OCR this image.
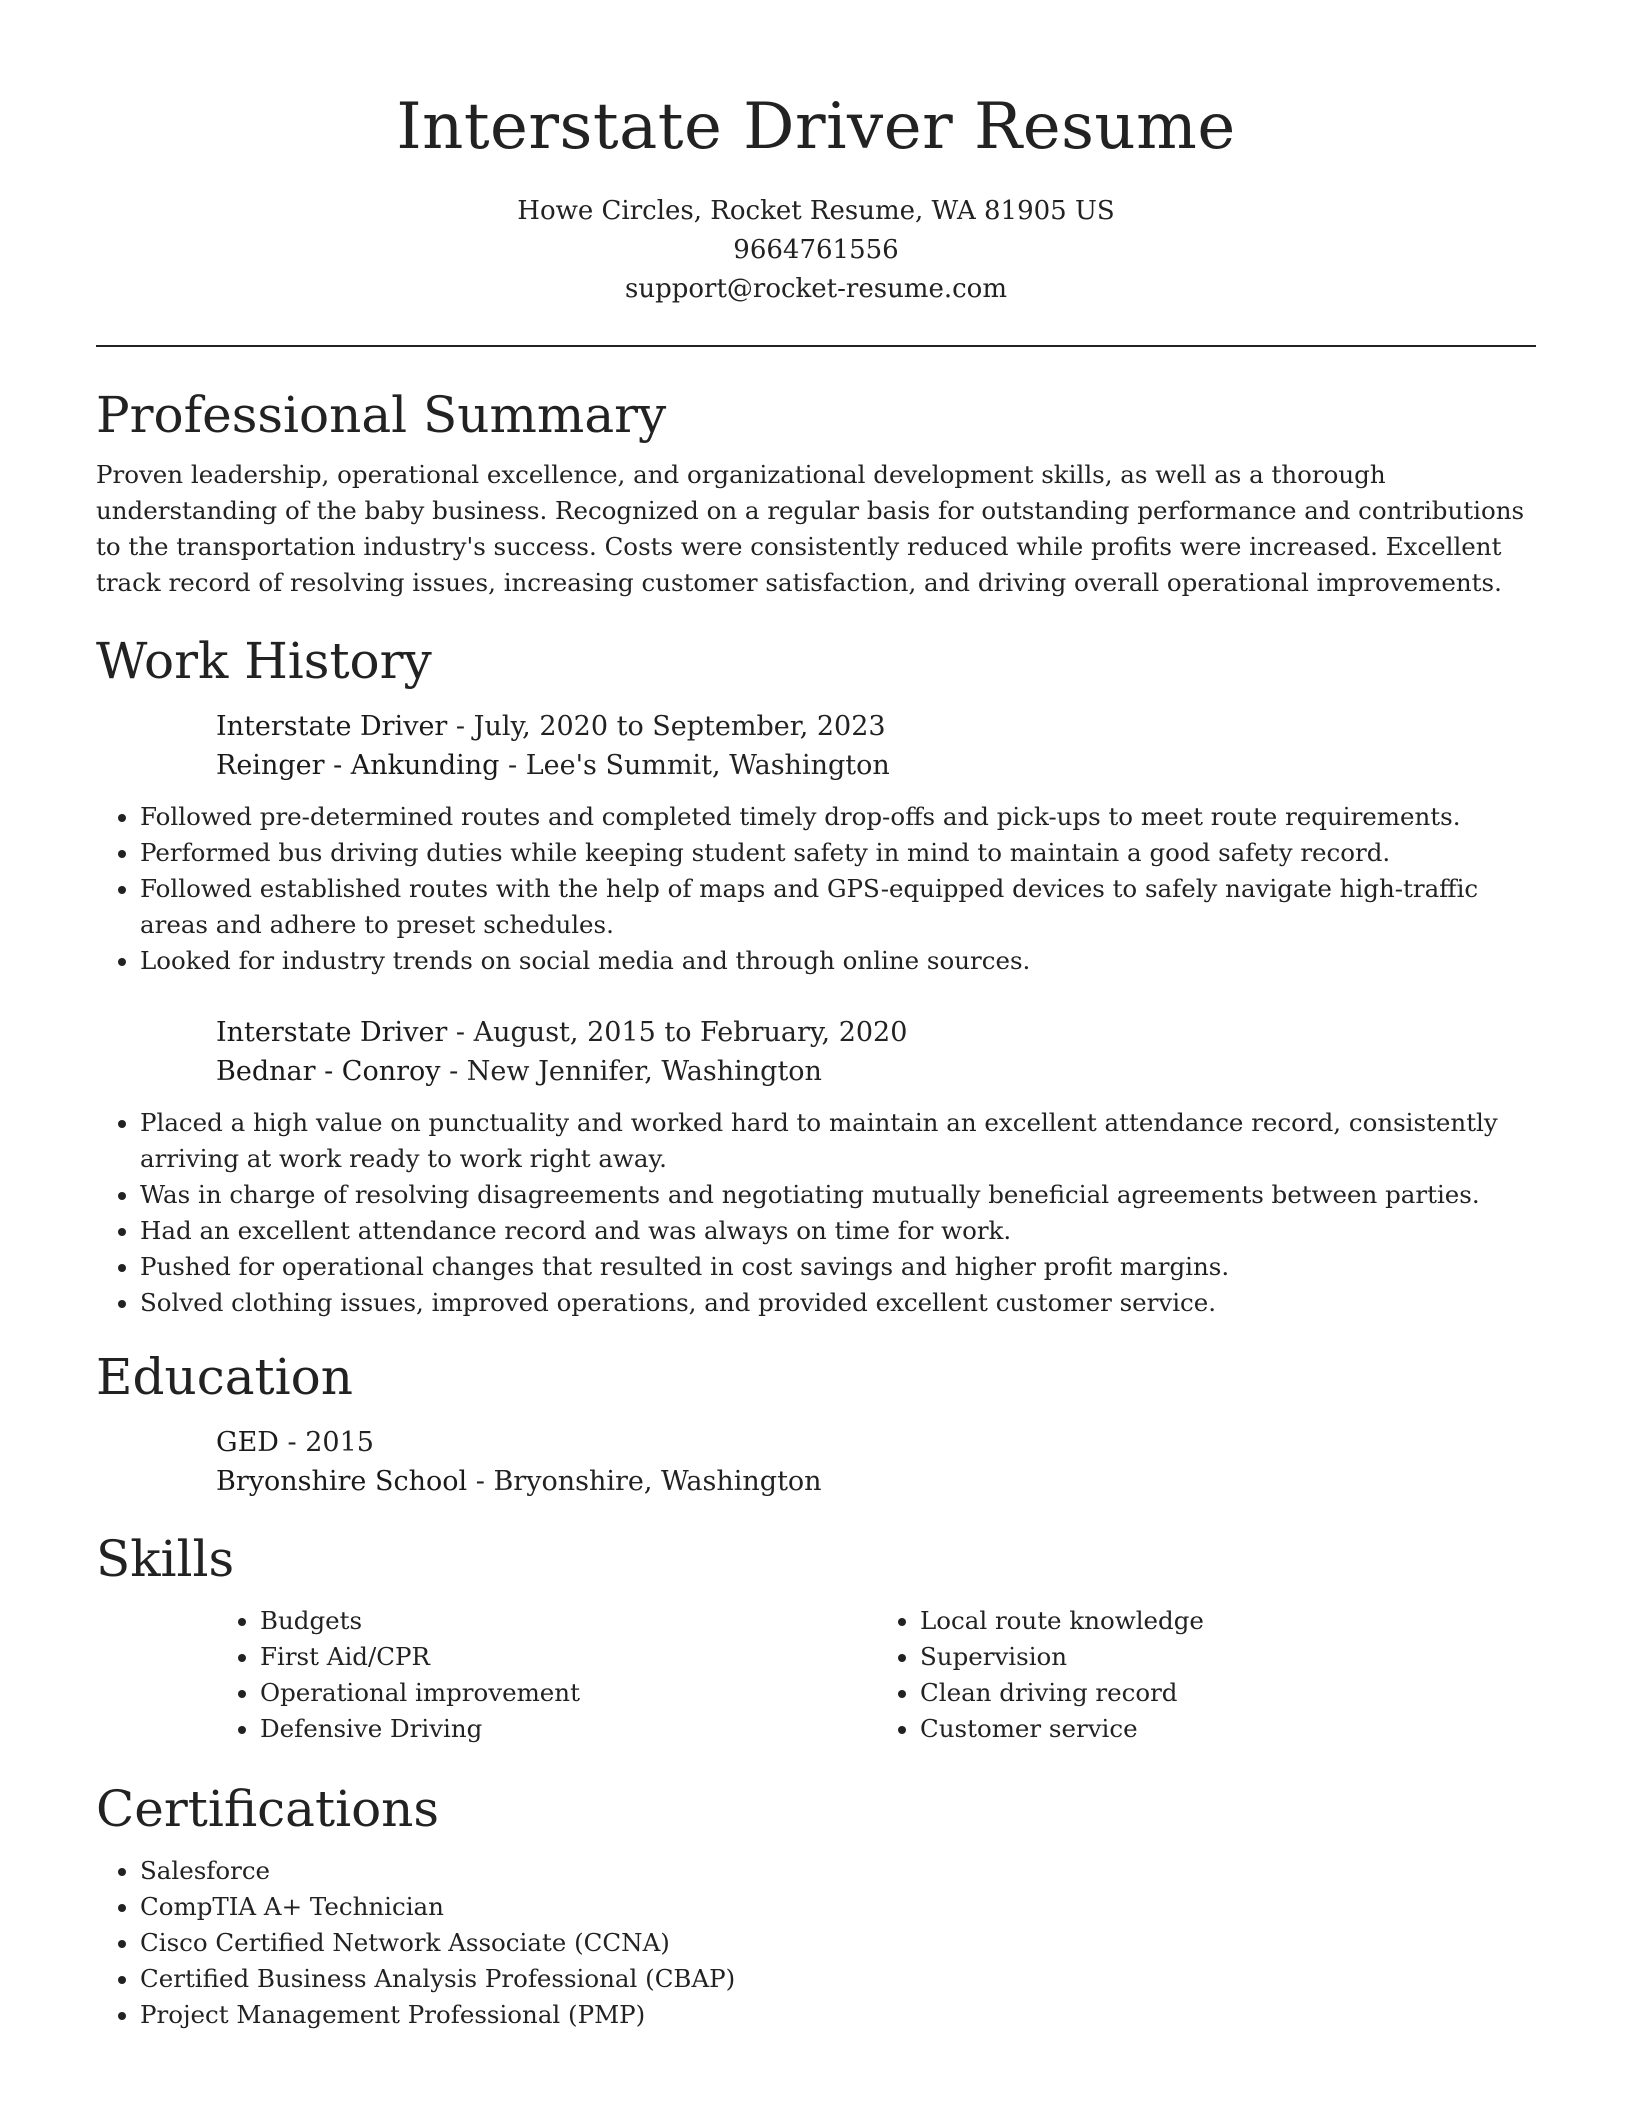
Interstate Driver Resume
Howe Circles, Rocket Resume, WA 81905 US
9664761556
support@rocket-resume.com
Professional Summary

Proven leadership, operational excellence, and organizational development skills, as well as a thorough understanding of the baby business. Recognized on a regular basis for outstanding performance and contributions to the transportation industry's success. Costs were consistently reduced while profits were increased. Excellent track record of resolving issues, increasing customer satisfaction, and driving overall operational improvements.

Work History

Interstate Driver - July, 2020 to September, 2023

Reinger - Ankunding - Lee's Summit, Washington

• Followed pre-determined routes and completed timely drop-offs and pick-ups to meet route requirements.
• Performed bus driving duties while keeping student safety in mind to maintain a good safety record.
• Followed established routes with the help of maps and GPS-equipped devices to safely navigate high-traffic areas and adhere to preset schedules.
• Looked for industry trends on social media and through online sources.

Interstate Driver - August, 2015 to February, 2020

Bednar - Conroy - New Jennifer, Washington

• Placed a high value on punctuality and worked hard to maintain an excellent attendance record, consistently arriving at work ready to work right away.
• Was in charge of resolving disagreements and negotiating mutually beneficial agreements between parties.
• Had an excellent attendance record and was always on time for work.
• Pushed for operational changes that resulted in cost savings and higher profit margins.
• Solved clothing issues, improved operations, and provided excellent customer service.
Education

GED - 2015

Bryonshire School - Bryonshire, Washington

Skills
• Budgets
• First Aid/CPR
• Operational improvement
• Defensive Driving
• Local route knowledge
• Supervision
• Clean driving record
• Customer service
Certifications
• Salesforce
• CompTIA A+ Technician
• Cisco Certified Network Associate (CCNA)
• Certified Business Analysis Professional (CBAP)
• Project Management Professional (PMP)
